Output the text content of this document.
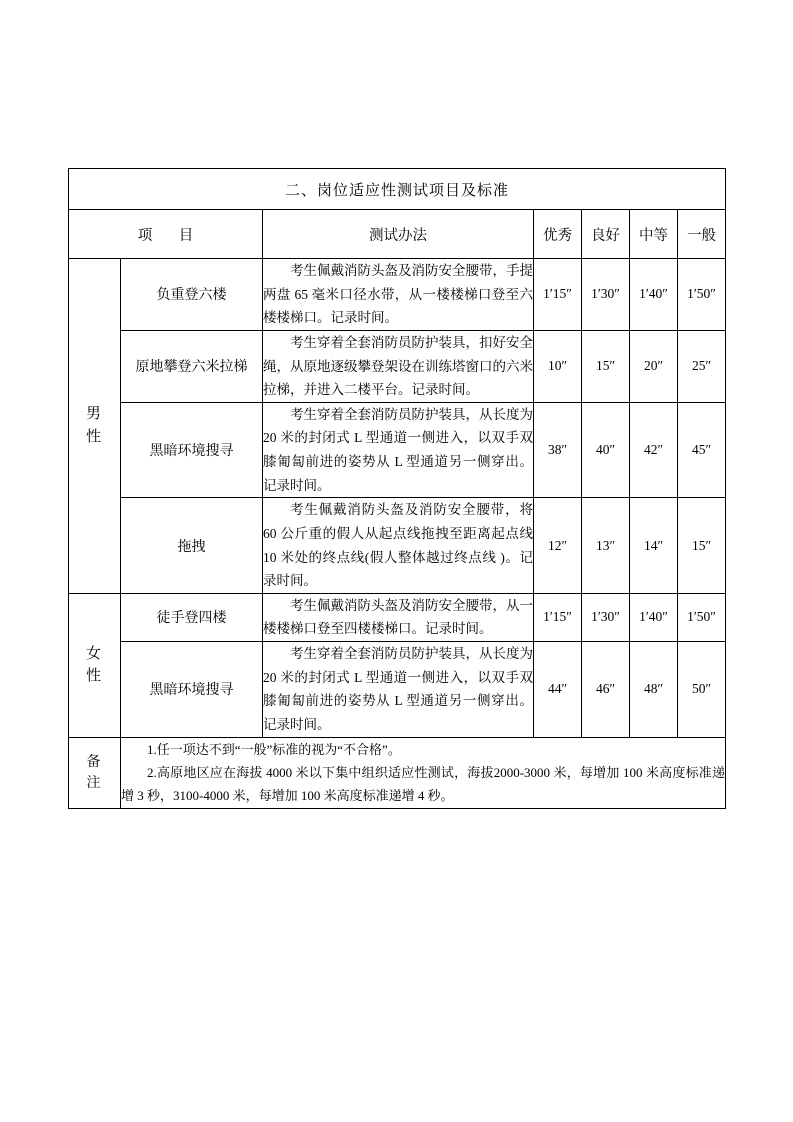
二、岗位适应性测试项目及标准						
项　目		测试办法	优秀	良好	中等	一般

男
性	负重登六楼	考生佩戴消防头盔及消防安全腰带，手提两盘 65 毫米口径水带，从一楼楼梯口登至六楼楼梯口。记录时间。	1′15″	1′30″	1′40″	1′50″
	原地攀登六米拉梯	考生穿着全套消防员防护装具，扣好安全绳，从原地逐级攀登架设在训练塔窗口的六米拉梯，并进入二楼平台。记录时间。	10″	15″	20″	25″
	黑暗环境搜寻	考生穿着全套消防员防护装具，从长度为 20 米的封闭式 L 型通道一侧进入，以双手双膝匍匐前进的姿势从 L 型通道另一侧穿出。记录时间。	38″	40″	42″	45″
	拖拽	考生佩戴消防头盔及消防安全腰带，将 60 公斤重的假人从起点线拖拽至距离起点线 10 米处的终点线(假人整体越过终点线 )。记录时间。	12″	13″	14″	15″

女
性	徒手登四楼	考生佩戴消防头盔及消防安全腰带，从一楼楼梯口登至四楼楼梯口。记录时间。	1′15″	1′30″	1′40″	1′50″
	黑暗环境搜寻	考生穿着全套消防员防护装具，从长度为 20 米的封闭式 L 型通道一侧进入，以双手双膝匍匐前进的姿势从 L 型通道另一侧穿出。记录时间。	44″	46″	48″	50″

备
注

1.任一项达不到“一般”标准的视为“不合格”。

2.高原地区应在海拔 4000 米以下集中组织适应性测试，海拔2000-3000 米，每增加 100 米高度标准递增 3 秒，3100-4000 米，每增加 100 米高度标准递增 4 秒。
